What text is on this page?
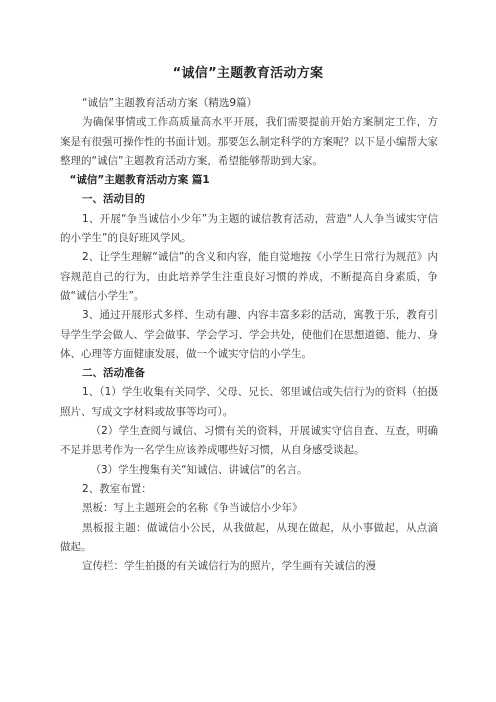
“诚信”主题教育活动方案

“诚信”主题教育活动方案（精选9篇）

为确保事情或工作高质量高水平开展，我们需要提前开始方案制定工作，方案是有很强可操作性的书面计划。那要怎么制定科学的方案呢？以下是小编帮大家整理的“诚信”主题教育活动方案，希望能够帮助到大家。

“诚信”主题教育活动方案 篇1

一、活动目的

1、开展“争当诚信小少年”为主题的诚信教育活动，营造“人人争当诚实守信的小学生”的良好班风学风。

2、让学生理解“诚信”的含义和内容，能自觉地按《小学生日常行为规范》内容规范自己的行为，由此培养学生注重良好习惯的养成，不断提高自身素质，争做“诚信小学生”。

3、通过开展形式多样、生动有趣、内容丰富多彩的活动，寓教于乐，教育引导学生学会做人、学会做事、学会学习、学会共处，使他们在思想道德、能力、身体、心理等方面健康发展，做一个诚实守信的小学生。

二、活动准备

1、（1）学生收集有关同学、父母、兄长、邻里诚信或失信行为的资料（拍摄照片、写成文字材料或故事等均可）。

（2）学生查阅与诚信、习惯有关的资料，开展诚实守信自查、互查，明确不足并思考作为一名学生应该养成哪些好习惯，从自身感受谈起。

（3）学生搜集有关“知诚信、讲诚信”的名言。

2、教室布置：

黑板：写上主题班会的名称《争当诚信小少年》

黑板报主题：做诚信小公民，从我做起，从现在做起，从小事做起，从点滴做起。

宣传栏：学生拍摄的有关诚信行为的照片，学生画有关诚信的漫
